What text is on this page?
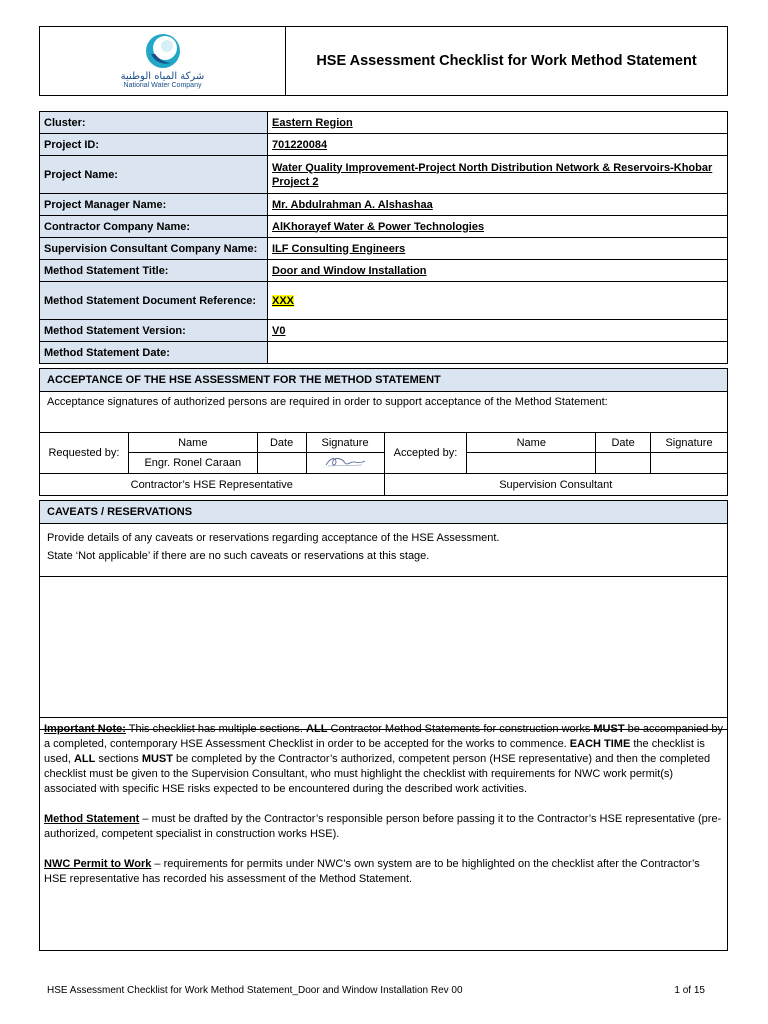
شركة المياه الوطنية
National Water Company
HSE Assessment Checklist for Work Method Statement
Cluster:	Eastern Region
Project ID:	701220084
Project Name:	Water Quality Improvement-Project North Distribution Network & Reservoirs-Khobar Project 2
Project Manager Name:	Mr. Abdulrahman A. Alshashaa
Contractor Company Name:	AlKhorayef Water & Power Technologies
Supervision Consultant Company Name:	ILF Consulting Engineers
Method Statement Title:	Door and Window Installation
Method Statement Document Reference:	XXX
Method Statement Version:	V0
Method Statement Date:	
ACCEPTANCE OF THE HSE ASSESSMENT FOR THE METHOD STATEMENT							
Acceptance signatures of authorized persons are required in order to support acceptance of the Method Statement:							
Requested by:	Name	Date	Signature	Accepted by:	Name	Date	Signature
	Engr. Ronel Caraan					
Contractor’s HSE Representative				Supervision Consultant			
CAVEATS / RESERVATIONS

Provide details of any caveats or reservations regarding acceptance of the HSE Assessment.
State ‘Not applicable’ if there are no such caveats or reservations at this stage.

Important Note: This checklist has multiple sections. ALL Contractor Method Statements for construction works MUST be accompanied by a completed, contemporary HSE Assessment Checklist in order to be accepted for the works to commence. EACH TIME the checklist is used, ALL sections MUST be completed by the Contractor’s authorized, competent person (HSE representative) and then the completed checklist must be given to the Supervision Consultant, who must highlight the checklist with requirements for NWC work permit(s) associated with specific HSE risks expected to be encountered during the described work activities.

Method Statement – must be drafted by the Contractor’s responsible person before passing it to the Contractor’s HSE representative (pre-authorized, competent specialist in construction works HSE).

NWC Permit to Work – requirements for permits under NWC’s own system are to be highlighted on the checklist after the Contractor’s HSE representative has recorded his assessment of the Method Statement.

HSE Assessment Checklist for Work Method Statement_Door and Window Installation Rev 00	1 of 15
